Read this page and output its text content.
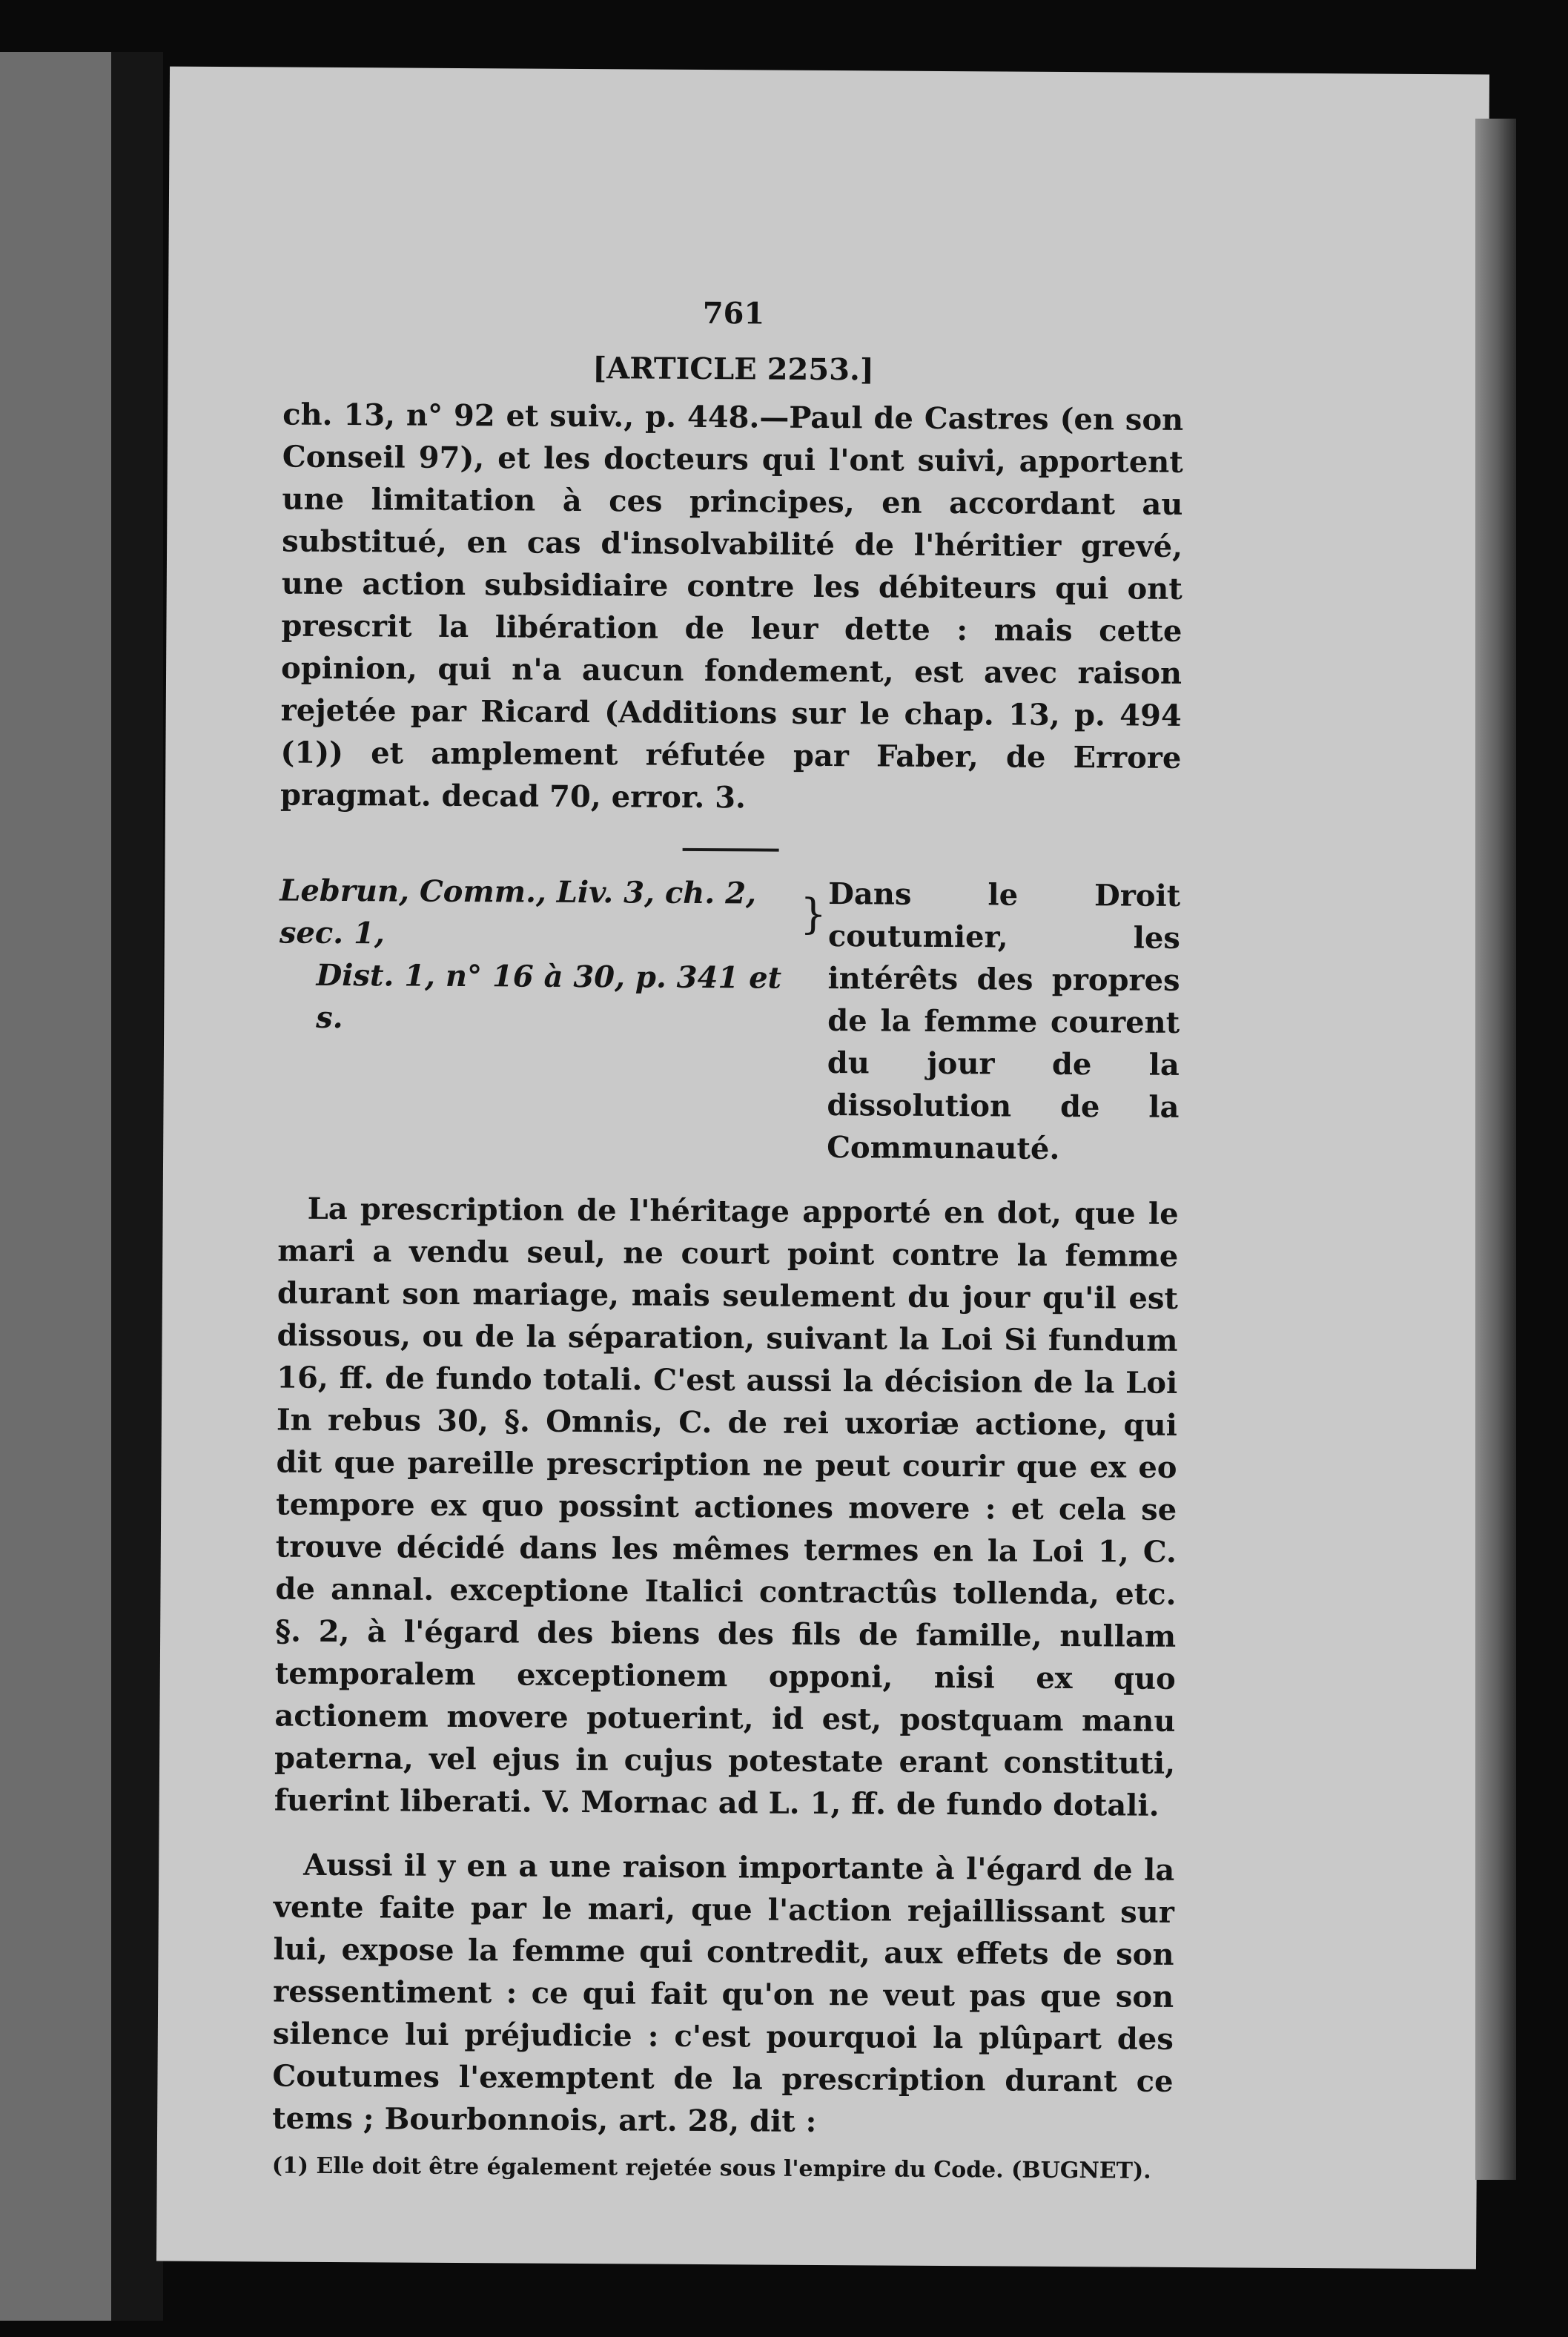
761
[ARTICLE 2253.]

ch. 13, n° 92 et suiv., p. 448.—Paul de Castres (en son Conseil 97), et les docteurs qui l'ont suivi, apportent une limitation à ces principes, en accordant au substitué, en cas d'insolvabilité de l'héritier grevé, une action subsidiaire contre les débiteurs qui ont prescrit la libération de leur dette : mais cette opinion, qui n'a aucun fondement, est avec raison rejetée par Ricard (Additions sur le chap. 13, p. 494 (1)) et amplement réfutée par Faber, de Errore pragmat. decad 70, error. 3.

Lebrun, Comm., Liv. 3, ch. 2, sec. 1,
Dist. 1, n° 16 à 30, p. 341 et s.
} Dans le Droit coutumier, les intérêts des propres de la femme courent du jour de la dissolution de la Communauté.

La prescription de l'héritage apporté en dot, que le mari a vendu seul, ne court point contre la femme durant son mariage, mais seulement du jour qu'il est dissous, ou de la séparation, suivant la Loi Si fundum 16, ff. de fundo totali. C'est aussi la décision de la Loi In rebus 30, §. Omnis, C. de rei uxoriæ actione, qui dit que pareille prescription ne peut courir que ex eo tempore ex quo possint actiones movere : et cela se trouve décidé dans les mêmes termes en la Loi 1, C. de annal. exceptione Italici contractûs tollenda, etc. §. 2, à l'égard des biens des fils de famille, nullam temporalem exceptionem opponi, nisi ex quo actionem movere potuerint, id est, postquam manu paterna, vel ejus in cujus potestate erant constituti, fuerint liberati. V. Mornac ad L. 1, ff. de fundo dotali.

Aussi il y en a une raison importante à l'égard de la vente faite par le mari, que l'action rejaillissant sur lui, expose la femme qui contredit, aux effets de son ressentiment : ce qui fait qu'on ne veut pas que son silence lui préjudicie : c'est pourquoi la plûpart des Coutumes l'exemptent de la prescription durant ce tems ; Bourbonnois, art. 28, dit :

(1) Elle doit être également rejetée sous l'empire du Code. (BUGNET).
